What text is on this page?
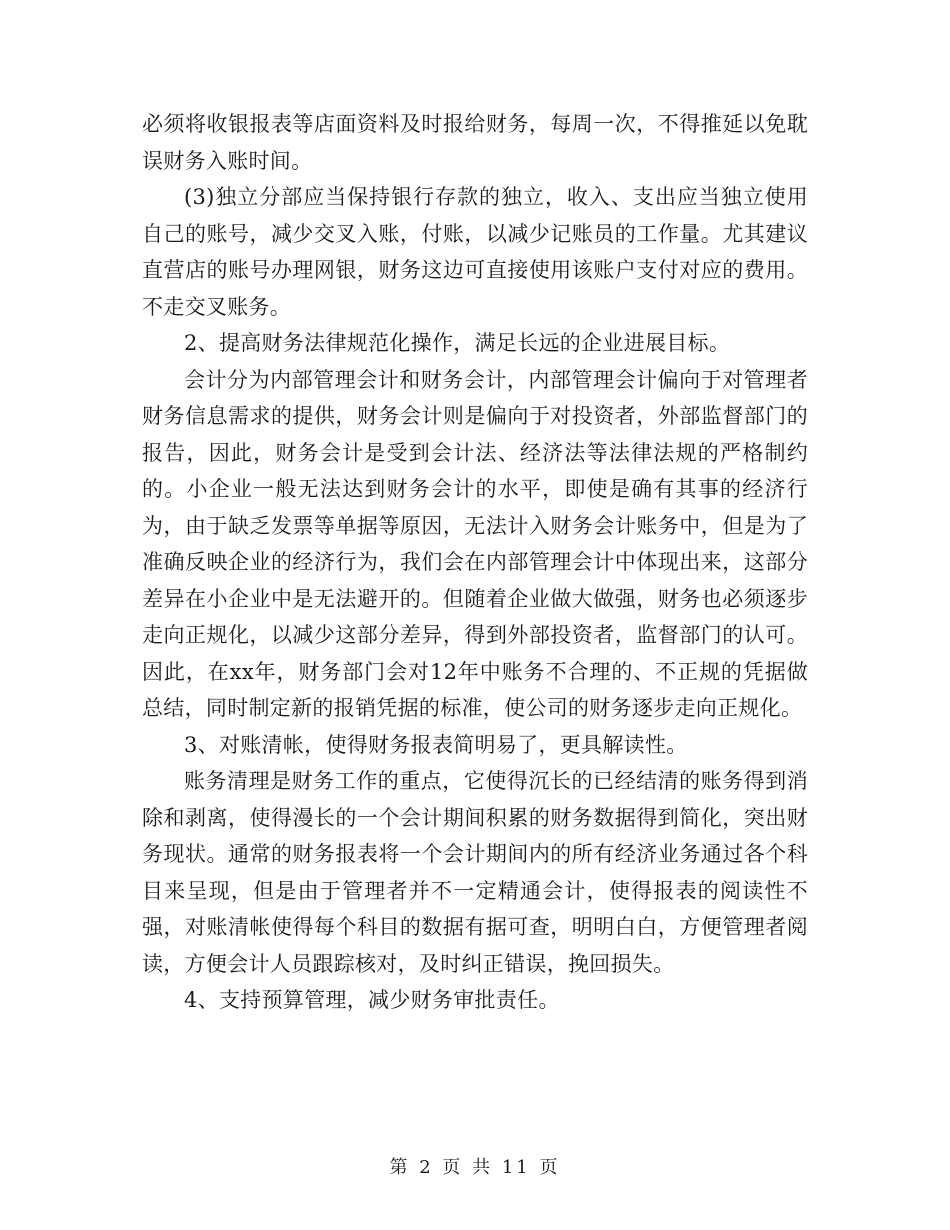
必须将收银报表等店面资料及时报给财务，每周一次，不得推延以免耽误财务入账时间。

(3)独立分部应当保持银行存款的独立，收入、支出应当独立使用自己的账号，减少交叉入账，付账，以减少记账员的工作量。尤其建议直营店的账号办理网银，财务这边可直接使用该账户支付对应的费用。不走交叉账务。

2、提高财务法律规范化操作，满足长远的企业进展目标。

会计分为内部管理会计和财务会计，内部管理会计偏向于对管理者财务信息需求的提供，财务会计则是偏向于对投资者，外部监督部门的报告，因此，财务会计是受到会计法、经济法等法律法规的严格制约的。小企业一般无法达到财务会计的水平，即使是确有其事的经济行为，由于缺乏发票等单据等原因，无法计入财务会计账务中，但是为了准确反映企业的经济行为，我们会在内部管理会计中体现出来，这部分差异在小企业中是无法避开的。但随着企业做大做强，财务也必须逐步走向正规化，以减少这部分差异，得到外部投资者，监督部门的认可。因此，在xx年，财务部门会对12年中账务不合理的、不正规的凭据做总结，同时制定新的报销凭据的标准，使公司的财务逐步走向正规化。

3、对账清帐，使得财务报表简明易了，更具解读性。

账务清理是财务工作的重点，它使得沉长的已经结清的账务得到消除和剥离，使得漫长的一个会计期间积累的财务数据得到简化，突出财务现状。通常的财务报表将一个会计期间内的所有经济业务通过各个科目来呈现，但是由于管理者并不一定精通会计，使得报表的阅读性不强，对账清帐使得每个科目的数据有据可查，明明白白，方便管理者阅读，方便会计人员跟踪核对，及时纠正错误，挽回损失。

4、支持预算管理，减少财务审批责任。

第 2 页 共 11 页
